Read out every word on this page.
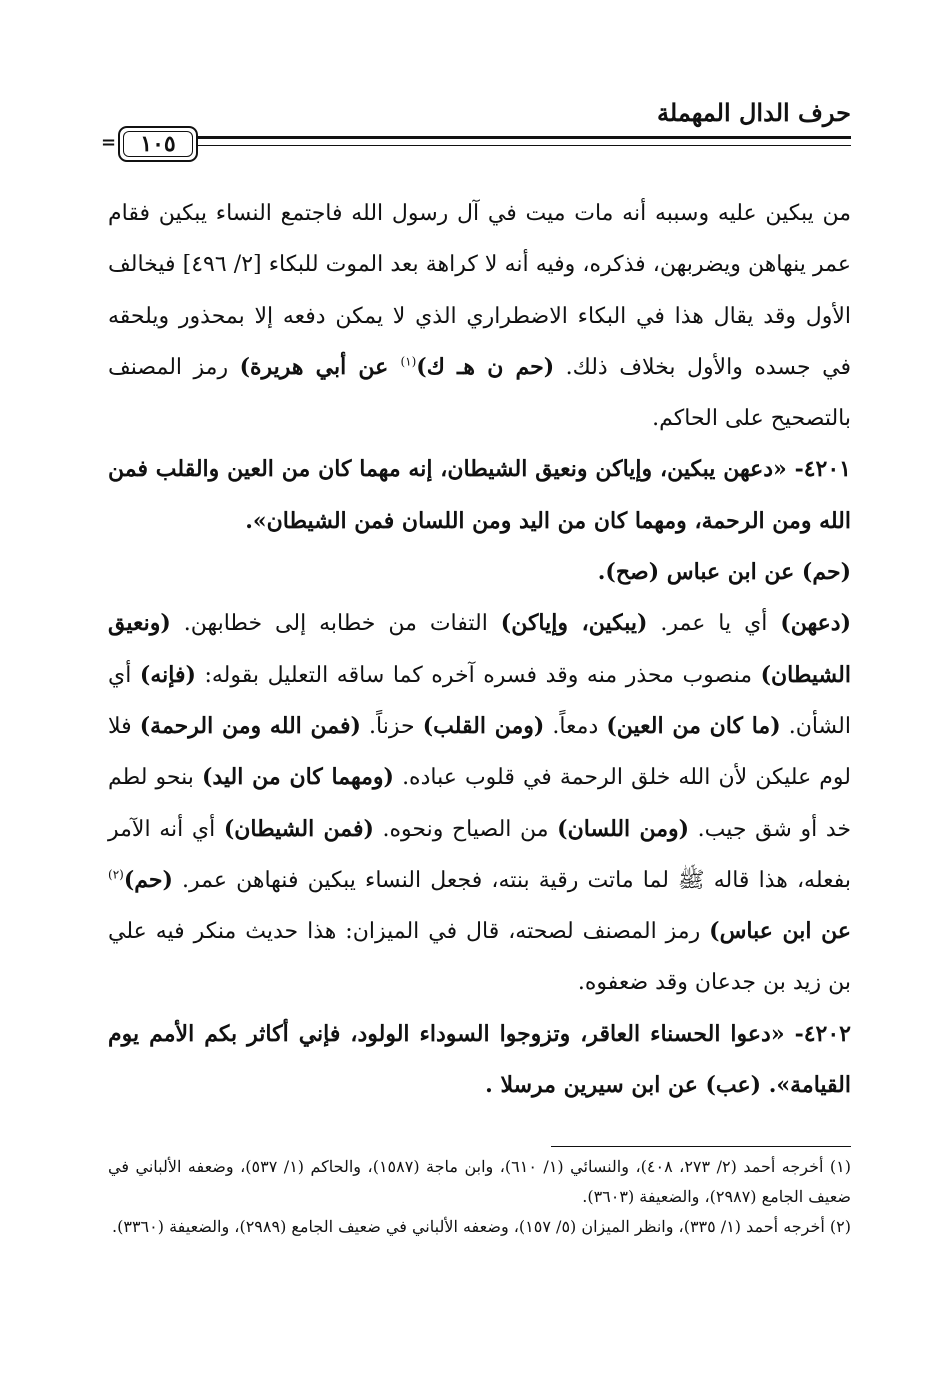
حرف الدال المهملة
١٠٥
=

من يبكين عليه وسببه أنه مات ميت في آل رسول الله فاجتمع النساء يبكين فقام عمر ينهاهن ويضربهن، فذكره، وفيه أنه لا كراهة بعد الموت للبكاء [٢/ ٤٩٦] فيخالف الأول وقد يقال هذا في البكاء الاضطراري الذي لا يمكن دفعه إلا بمحذور ويلحقه في جسده والأول بخلاف ذلك. (حم ن هـ ك)$^{(١)}$ عن أبي هريرة) رمز المصنف بالتصحيح على الحاكم.

٤٢٠١- «دعهن يبكين، وإياكن ونعيق الشيطان، إنه مهما كان من العين والقلب فمن الله ومن الرحمة، ومهما كان من اليد ومن اللسان فمن الشيطان».

(حم) عن ابن عباس (صح).

(دعهن) أي يا عمر. (يبكين، وإياكن) التفات من خطابه إلى خطابهن. (ونعيق الشيطان) منصوب محذر منه وقد فسره آخره كما ساقه التعليل بقوله: (فإنه) أي الشأن. (ما كان من العين) دمعاً. (ومن القلب) حزناً. (فمن الله ومن الرحمة) فلا لوم عليكن لأن الله خلق الرحمة في قلوب عباده. (ومهما كان من اليد) بنحو لطم خد أو شق جيب. (ومن اللسان) من الصياح ونحوه. (فمن الشيطان) أي أنه الآمر بفعله، هذا قاله ﷺ لما ماتت رقية بنته، فجعل النساء يبكين فنهاهن عمر. (حم)$^{(٢)}$ عن ابن عباس) رمز المصنف لصحته، قال في الميزان: هذا حديث منكر فيه علي بن زيد بن جدعان وقد ضعفوه.

٤٢٠٢- «دعوا الحسناء العاقر، وتزوجوا السوداء الولود، فإني أكاثر بكم الأمم يوم القيامة». (عب) عن ابن سيرين مرسلا .

(١) أخرجه أحمد (٢/ ٢٧٣، ٤٠٨)، والنسائي (١/ ٦١٠)، وابن ماجة (١٥٨٧)، والحاكم (١/ ٥٣٧)، وضعفه الألباني في ضعيف الجامع (٢٩٨٧)، والضعيفة (٣٦٠٣).

(٢) أخرجه أحمد (١/ ٣٣٥)، وانظر الميزان (٥/ ١٥٧)، وضعفه الألباني في ضعيف الجامع (٢٩٨٩)، والضعيفة (٣٣٦٠).
